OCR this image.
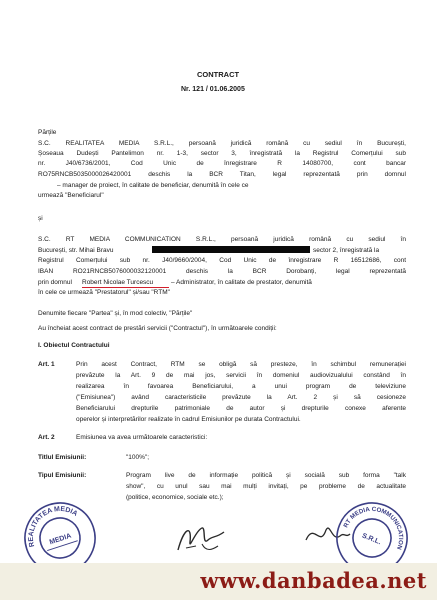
CONTRACT
Nr. 121 / 01.06.2005
Părțile
S.C. REALITATEA MEDIA S.R.L., persoană juridică română cu sediul în București,
Șoseaua Dudești Pantelimon nr. 1-3, sector 3, înregistrată la Registrul Comerțului sub
nr. J40/6736/2001, Cod Unic de înregistrare R 14080700, cont bancar
RO75RNCB5035000026420001 deschis la BCR Titan, legal reprezentată prin domnul
– manager de proiect, în calitate de beneficiar, denumită în cele ce
urmează "Beneficiarul"
și
S.C. RT MEDIA COMMUNICATION S.R.L., persoană juridică română cu sediul în
București, str. Mihai Bravu	sector 2, înregistrată la
Registrul Comerțului sub nr. J40/9660/2004, Cod Unic de înregistrare R 16512686, cont
IBAN RO21RNCB5076000032120001 deschis la BCR Dorobanți, legal reprezentată
prin domnul Robert Nicolae Turcescu	– Administrator, în calitate de prestator, denumită
în cele ce urmează "Prestatorul" și/sau "RTM"
Denumite fiecare "Partea" și, în mod colectiv, "Părțile"
Au încheiat acest contract de prestări servicii ("Contractul"), în următoarele condiții:
I. Obiectul Contractului
Art. 1	Prin acest Contract, RTM se obligă să presteze, în schimbul remunerației
prevăzute la Art. 9 de mai jos, servicii în domeniul audiovizualului constând în
realizarea în favoarea Beneficiarului, a unui program de televiziune
("Emisiunea") având caracteristicile prevăzute la Art. 2 și să cesioneze
Beneficiarului drepturile patrimoniale de autor și drepturile conexe aferente
operelor și interpretărilor realizate în cadrul Emisiunilor pe durata Contractului.
Art. 2	Emisiunea va avea următoarele caracteristici:
Titlul Emisiunii:	"100%";
Tipul Emisiunii:	Program live de informație politică și socială sub forma "talk
show", cu unul sau mai mulți invitați, pe probleme de actualitate
(politice, economice, sociale etc.);
REALITATEA MEDIA
MEDIA
RT MEDIA COMMUNICATION
S.R.L.
www.danbadea.net
